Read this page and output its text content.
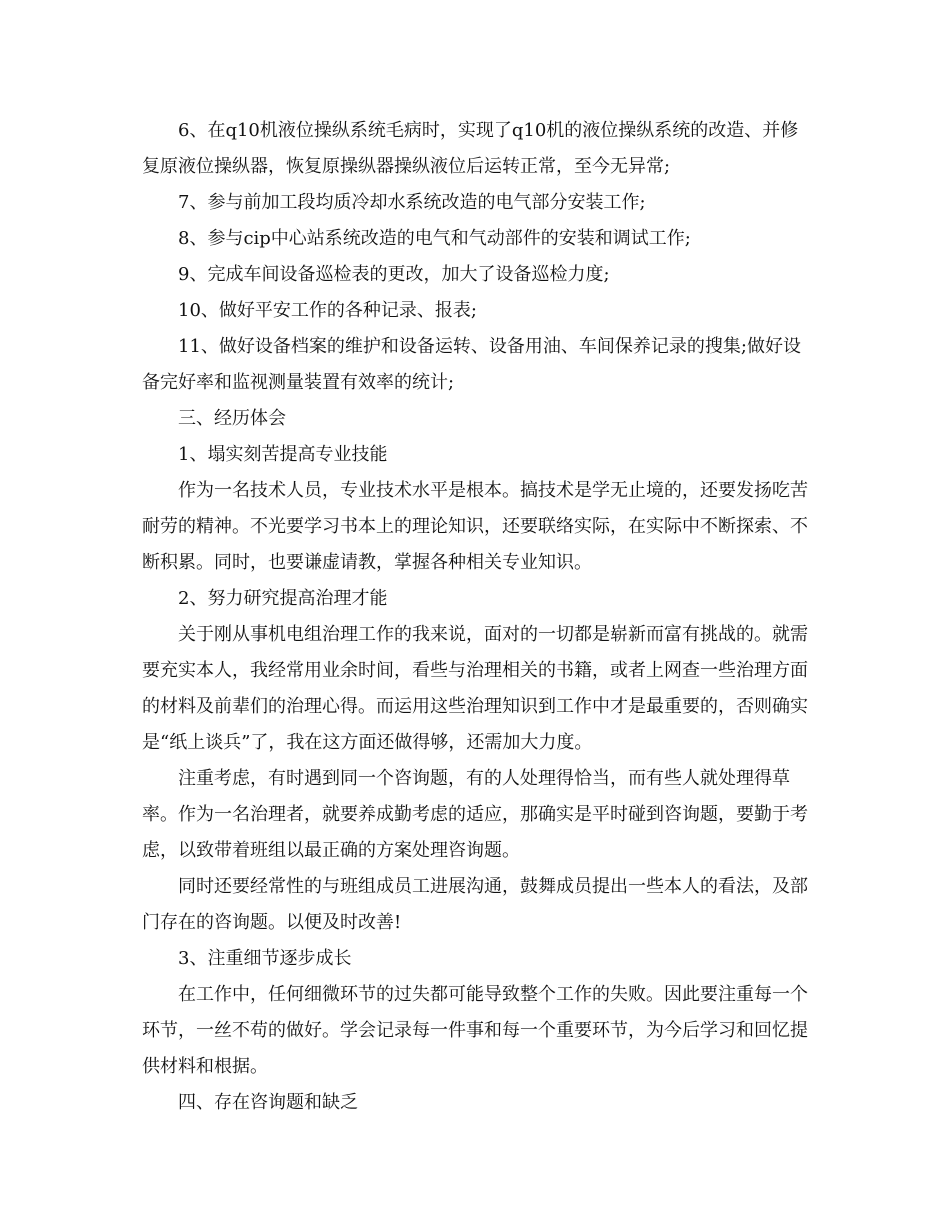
6、在q10机液位操纵系统毛病时，实现了q10机的液位操纵系统的改造、并修复原液位操纵器，恢复原操纵器操纵液位后运转正常，至今无异常;

7、参与前加工段均质冷却水系统改造的电气部分安装工作;

8、参与cip中心站系统改造的电气和气动部件的安装和调试工作;

9、完成车间设备巡检表的更改，加大了设备巡检力度;

10、做好平安工作的各种记录、报表;

11、做好设备档案的维护和设备运转、设备用油、车间保养记录的搜集;做好设备完好率和监视测量装置有效率的统计;

三、经历体会

1、塌实刻苦提高专业技能

作为一名技术人员，专业技术水平是根本。搞技术是学无止境的，还要发扬吃苦耐劳的精神。不光要学习书本上的理论知识，还要联络实际，在实际中不断探索、不断积累。同时，也要谦虚请教，掌握各种相关专业知识。

2、努力研究提高治理才能

关于刚从事机电组治理工作的我来说，面对的一切都是崭新而富有挑战的。就需要充实本人，我经常用业余时间，看些与治理相关的书籍，或者上网查一些治理方面的材料及前辈们的治理心得。而运用这些治理知识到工作中才是最重要的，否则确实是“纸上谈兵”了，我在这方面还做得够，还需加大力度。

注重考虑，有时遇到同一个咨询题，有的人处理得恰当，而有些人就处理得草率。作为一名治理者，就要养成勤考虑的适应，那确实是平时碰到咨询题，要勤于考虑，以致带着班组以最正确的方案处理咨询题。

同时还要经常性的与班组成员工进展沟通，鼓舞成员提出一些本人的看法，及部门存在的咨询题。以便及时改善!

3、注重细节逐步成长

在工作中，任何细微环节的过失都可能导致整个工作的失败。因此要注重每一个环节，一丝不苟的做好。学会记录每一件事和每一个重要环节，为今后学习和回忆提供材料和根据。

四、存在咨询题和缺乏
